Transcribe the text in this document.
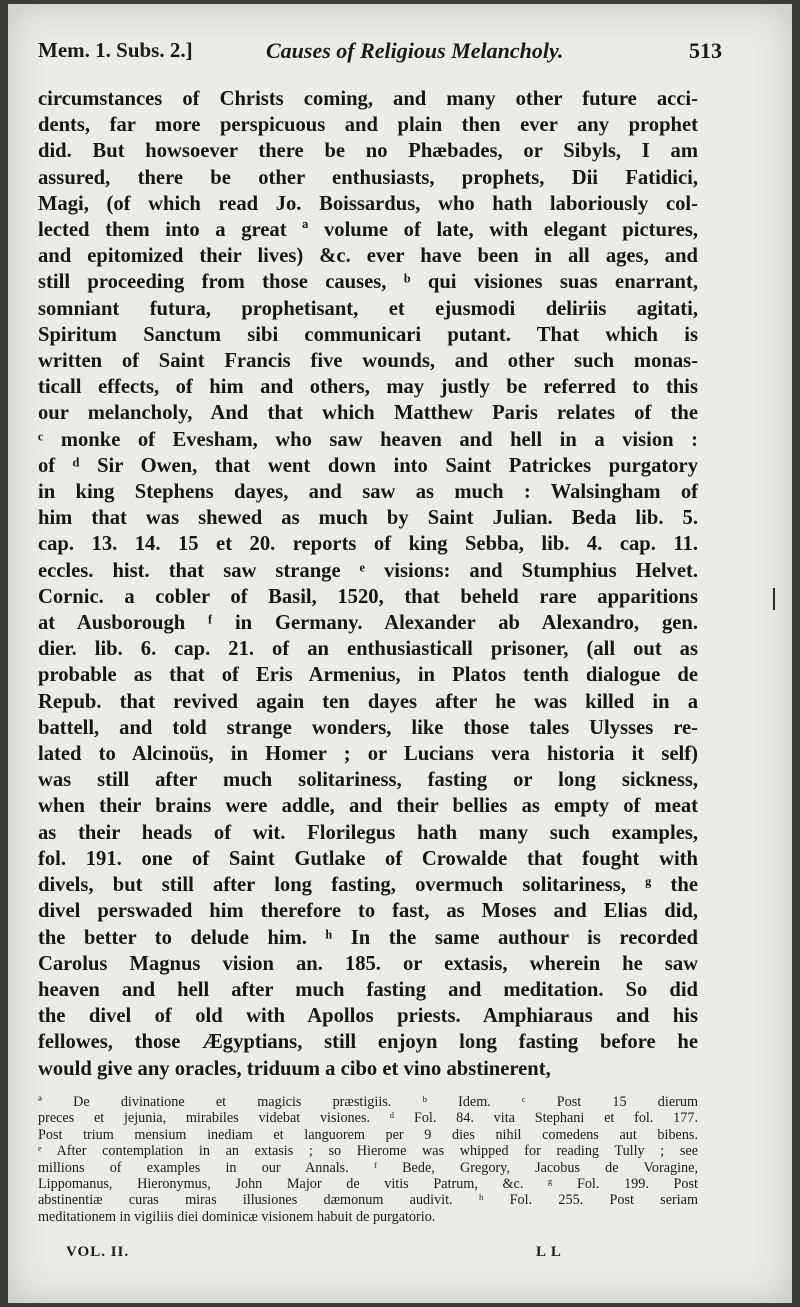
Mem. 1. Subs. 2.]	Causes of Religious Melancholy.	513
circumstances of Christs coming, and many other future acci-
dents, far more perspicuous and plain then ever any prophet
did. But howsoever there be no Phæbades, or Sibyls, I am
assured, there be other enthusiasts, prophets, Dii Fatidici,
Magi, (of which read Jo. Boissardus, who hath laboriously col-
lected them into a great ª volume of late, with elegant pictures,
and epitomized their lives) &c. ever have been in all ages, and
still proceeding from those causes, ᵇ qui visiones suas enarrant,
somniant futura, prophetisant, et ejusmodi deliriis agitati,
Spiritum Sanctum sibi communicari putant. That which is
written of Saint Francis five wounds, and other such monas-
ticall effects, of him and others, may justly be referred to this
our melancholy, And that which Matthew Paris relates of the
ᶜ monke of Evesham, who saw heaven and hell in a vision :
of ᵈ Sir Owen, that went down into Saint Patrickes purgatory
in king Stephens dayes, and saw as much : Walsingham of
him that was shewed as much by Saint Julian. Beda lib. 5.
cap. 13. 14. 15 et 20. reports of king Sebba, lib. 4. cap. 11.
eccles. hist. that saw strange ᵉ visions: and Stumphius Helvet.
Cornic. a cobler of Basil, 1520, that beheld rare apparitions
at Ausborough ᶠ in Germany. Alexander ab Alexandro, gen.
dier. lib. 6. cap. 21. of an enthusiasticall prisoner, (all out as
probable as that of Eris Armenius, in Platos tenth dialogue de
Repub. that revived again ten dayes after he was killed in a
battell, and told strange wonders, like those tales Ulysses re-
lated to Alcinoüs, in Homer ; or Lucians vera historia it self)
was still after much solitariness, fasting or long sickness,
when their brains were addle, and their bellies as empty of meat
as their heads of wit. Florilegus hath many such examples,
fol. 191. one of Saint Gutlake of Crowalde that fought with
divels, but still after long fasting, overmuch solitariness, ᵍ the
divel perswaded him therefore to fast, as Moses and Elias did,
the better to delude him. ʰ In the same authour is recorded
Carolus Magnus vision an. 185. or extasis, wherein he saw
heaven and hell after much fasting and meditation. So did
the divel of old with Apollos priests. Amphiaraus and his
fellowes, those Ægyptians, still enjoyn long fasting before he
would give any oracles, triduum a cibo et vino abstinerent,
ª De divinatione et magicis præstigiis. ᵇ Idem. ᶜ Post 15 dierum
preces et jejunia, mirabiles videbat visiones. ᵈ Fol. 84. vita Stephani et fol. 177.
Post trium mensium inediam et languorem per 9 dies nihil comedens aut bibens.
ᵉ After contemplation in an extasis ; so Hierome was whipped for reading Tully ; see
millions of examples in our Annals. ᶠ Bede, Gregory, Jacobus de Voragine,
Lippomanus, Hieronymus, John Major de vitis Patrum, &c. ᵍ Fol. 199. Post
abstinentiæ curas miras illusiones dæmonum audivit. ʰ Fol. 255. Post seriam
meditationem in vigiliis diei dominicæ visionem habuit de purgatorio.
VOL. II.	L L
